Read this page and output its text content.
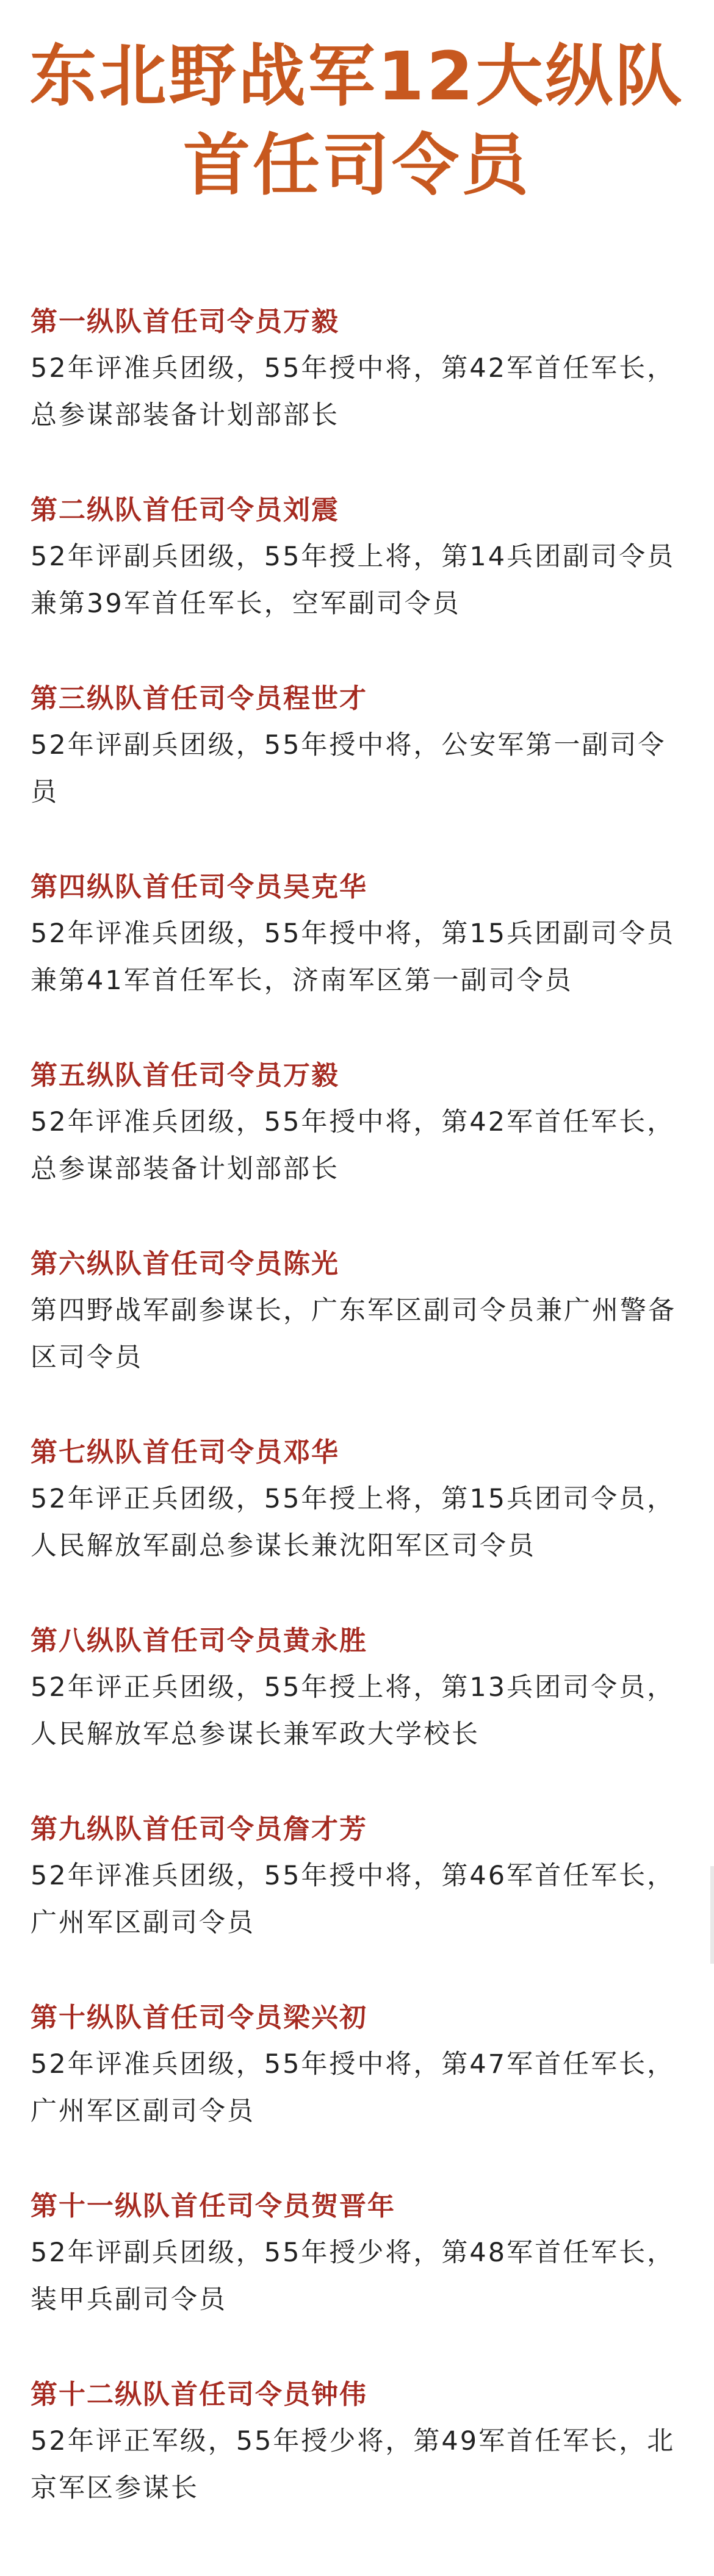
东北野战军12大纵队
首任司令员
第一纵队首任司令员万毅
52年评准兵团级，55年授中将，第42军首任军长，总参谋部装备计划部部长
第二纵队首任司令员刘震
52年评副兵团级，55年授上将，第14兵团副司令员兼第39军首任军长，空军副司令员
第三纵队首任司令员程世才
52年评副兵团级，55年授中将，公安军第一副司令员
第四纵队首任司令员吴克华
52年评准兵团级，55年授中将，第15兵团副司令员兼第41军首任军长，济南军区第一副司令员
第五纵队首任司令员万毅
52年评准兵团级，55年授中将，第42军首任军长，总参谋部装备计划部部长
第六纵队首任司令员陈光
第四野战军副参谋长，广东军区副司令员兼广州警备区司令员
第七纵队首任司令员邓华
52年评正兵团级，55年授上将，第15兵团司令员，人民解放军副总参谋长兼沈阳军区司令员
第八纵队首任司令员黄永胜
52年评正兵团级，55年授上将，第13兵团司令员，人民解放军总参谋长兼军政大学校长
第九纵队首任司令员詹才芳
52年评准兵团级，55年授中将，第46军首任军长，广州军区副司令员
第十纵队首任司令员梁兴初
52年评准兵团级，55年授中将，第47军首任军长，广州军区副司令员
第十一纵队首任司令员贺晋年
52年评副兵团级，55年授少将，第48军首任军长，装甲兵副司令员
第十二纵队首任司令员钟伟
52年评正军级，55年授少将，第49军首任军长，北京军区参谋长
